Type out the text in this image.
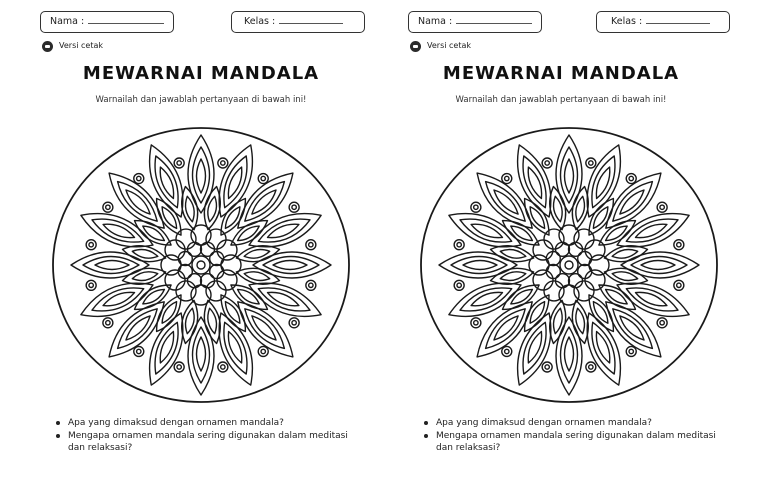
Nama :	Kelas :
Versi cetak
MEWARNAI MANDALA
Warnailah dan jawablah pertanyaan di bawah ini!
Apa yang dimaksud dengan ornamen mandala?
Mengapa ornamen mandala sering digunakan dalam meditasi dan relaksasi?
Nama :	Kelas :
Versi cetak
MEWARNAI MANDALA
Warnailah dan jawablah pertanyaan di bawah ini!
Apa yang dimaksud dengan ornamen mandala?
Mengapa ornamen mandala sering digunakan dalam meditasi dan relaksasi?
